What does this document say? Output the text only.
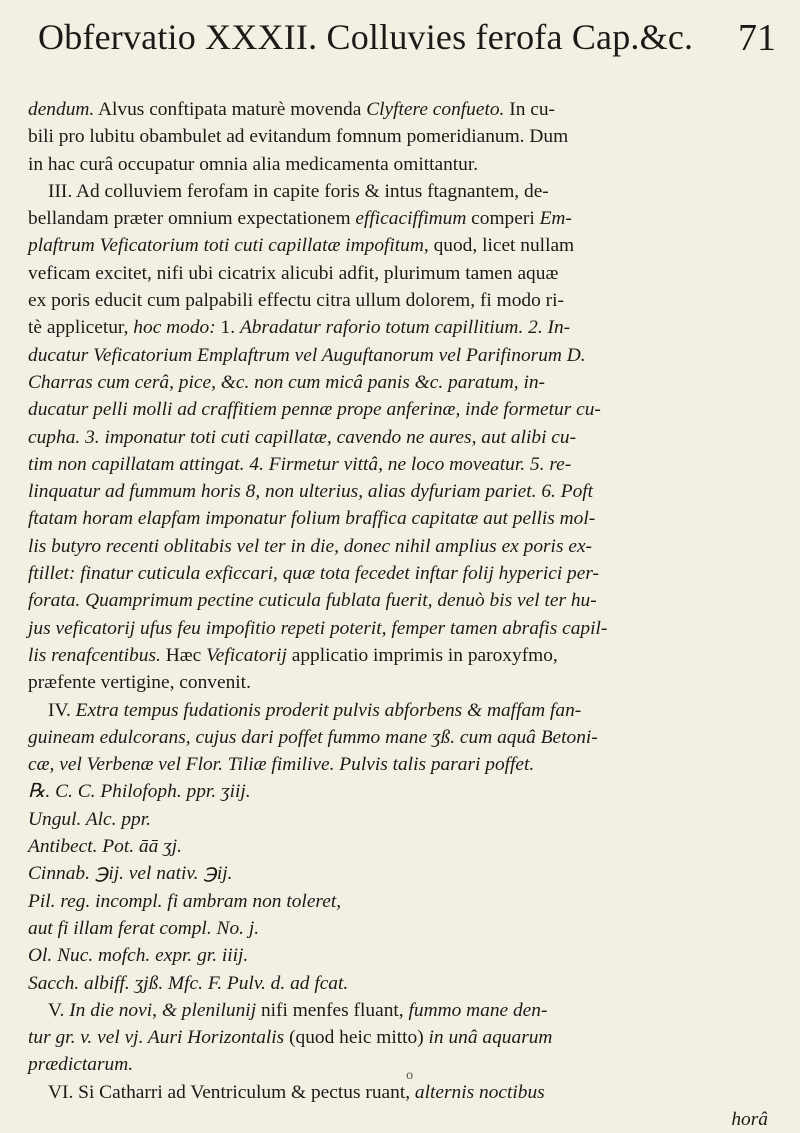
Obfervatio XXXII. Colluvies ferofa Cap.&c.	71

dendum. Alvus conftipata maturè movenda Clyftere confueto. In cu-
bili pro lubitu obambulet ad evitandum fomnum pomeridianum. Dum
in hac curâ occupatur omnia alia medicamenta omittantur.

III. Ad colluviem ferofam in capite foris & intus ftagnantem, de-
bellandam præter omnium expectationem efficaciffimum comperi Em-
plaftrum Veficatorium toti cuti capillatæ impofitum, quod, licet nullam
veficam excitet, nifi ubi cicatrix alicubi adfit, plurimum tamen aquæ
ex poris educit cum palpabili effectu citra ullum dolorem, fi modo ri-
tè applicetur, hoc modo: 1. Abradatur raforio totum capillitium. 2. In-
ducatur Veficatorium Emplaftrum vel Auguftanorum vel Parifinorum D.
Charras cum cerâ, pice, &c. non cum micâ panis &c. paratum, in-
ducatur pelli molli ad craffitiem pennæ prope anferinæ, inde formetur cu-
cupha. 3. imponatur toti cuti capillatæ, cavendo ne aures, aut alibi cu-
tim non capillatam attingat. 4. Firmetur vittâ, ne loco moveatur. 5. re-
linquatur ad fummum horis 8, non ulterius, alias dyfuriam pariet. 6. Poft
ftatam horam elapfam imponatur folium braffica capitatæ aut pellis mol-
lis butyro recenti oblitabis vel ter in die, donec nihil amplius ex poris ex-
ftillet: finatur cuticula exficcari, quæ tota fecedet inftar folij hyperici per-
forata. Quamprimum pectine cuticula fublata fuerit, denuò bis vel ter hu-
jus veficatorij ufus feu impofitio repeti poterit, femper tamen abrafis capil-
lis renafcentibus. Hæc Veficatorij applicatio imprimis in paroxyfmo,
præfente vertigine, convenit.

IV. Extra tempus fudationis proderit pulvis abforbens & maffam fan-
guineam edulcorans, cujus dari poffet fummo mane ʒß. cum aquâ Betoni-
cæ, vel Verbenæ vel Flor. Tiliæ fimilive. Pulvis talis parari poffet.

℞. C. C. Philofoph. ppr. ʒiij.

Ungul. Alc. ppr.

Antibect. Pot. āā ʒj.

Cinnab. ℈ij. vel nativ. ℈ij.

Pil. reg. incompl. fi ambram non toleret,

aut fi illam ferat compl. No. j.

Ol. Nuc. mofch. expr. gr. iiij.

Sacch. albiff. ʒjß. Mfc. F. Pulv. d. ad fcat.

V. In die novi, & plenilunij nifi menfes fluant, fummo mane den-
tur gr. v. vel vj. Auri Horizontalis (quod heic mitto) in unâ aquarum
prædictarum.

VI. Si Catharri ad Ventriculum & pectus ruant, alternis noctibus

horâ

o
